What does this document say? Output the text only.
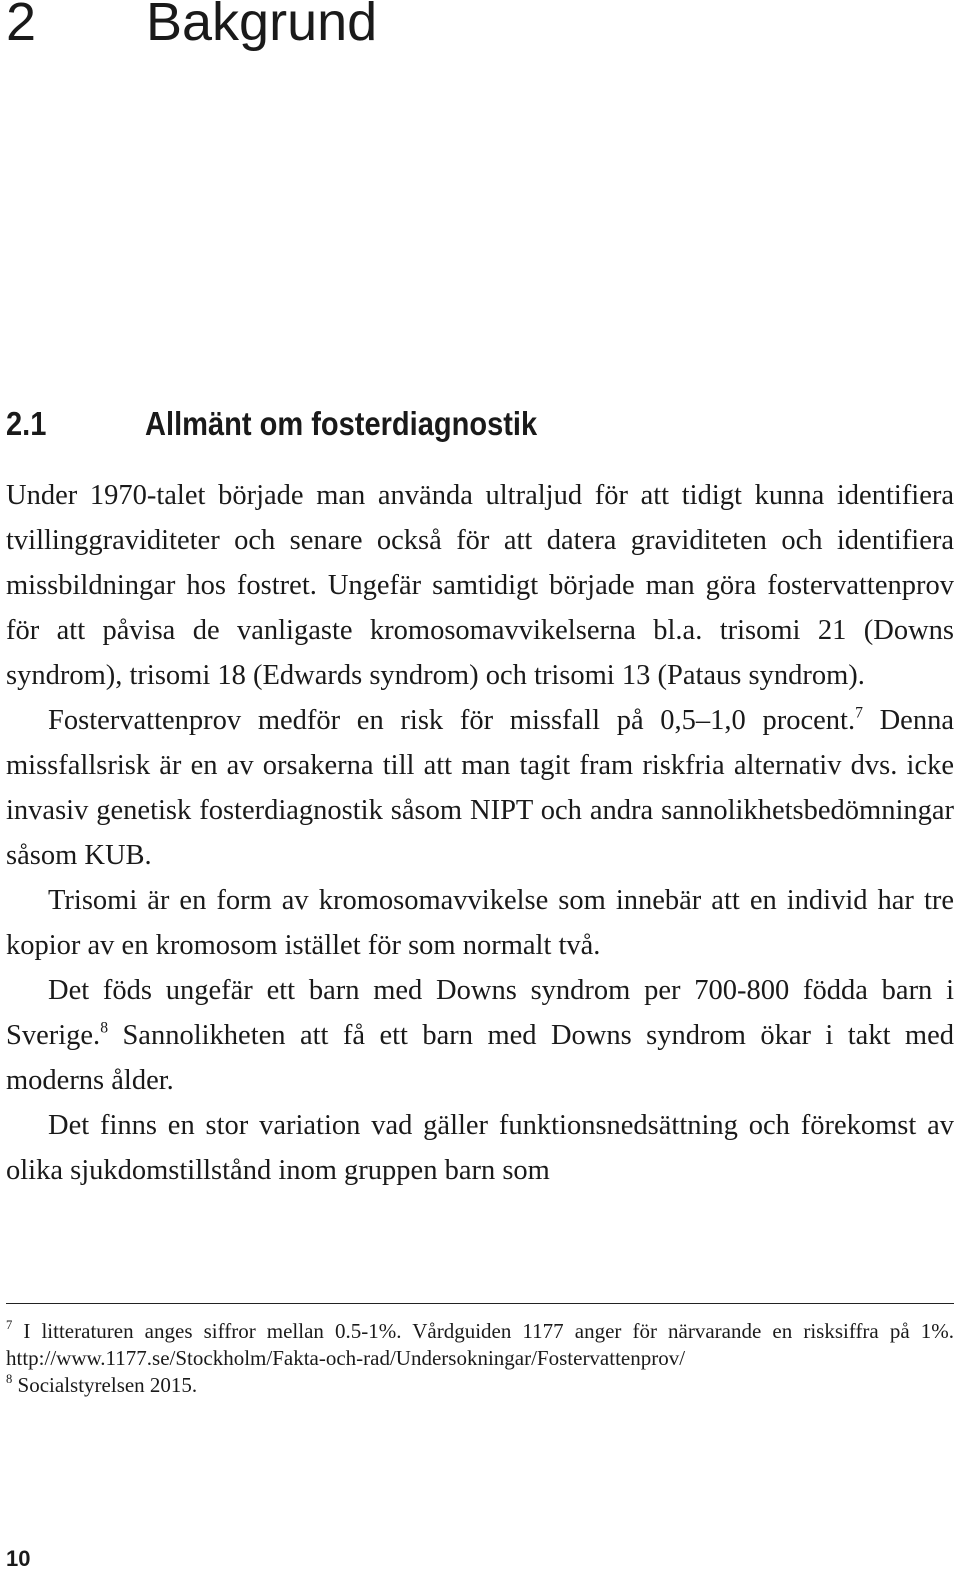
2 Bakgrund
2.1	Allmänt om fosterdiagnostik

Under 1970-talet började man använda ultraljud för att tidigt kunna identifiera tvillinggraviditeter och senare också för att datera graviditeten och identifiera missbildningar hos fostret. Ungefär samtidigt började man göra fostervattenprov för att påvisa de vanligaste kromosomavvikelserna bl.a. trisomi 21 (Downs syndrom), trisomi 18 (Edwards syndrom) och trisomi 13 (Pataus syndrom).

Fostervattenprov medför en risk för missfall på 0,5–1,0 procent.$^7$ Denna missfallsrisk är en av orsakerna till att man tagit fram riskfria alternativ dvs. icke invasiv genetisk fosterdiagnostik såsom NIPT och andra sannolikhetsbedömningar såsom KUB.

Trisomi är en form av kromosomavvikelse som innebär att en individ har tre kopior av en kromosom istället för som normalt två.

Det föds ungefär ett barn med Downs syndrom per 700-800 födda barn i Sverige.$^8$ Sannolikheten att få ett barn med Downs syndrom ökar i takt med moderns ålder.

Det finns en stor variation vad gäller funktionsnedsättning och förekomst av olika sjukdomstillstånd inom gruppen barn som

$^7$ I litteraturen anges siffror mellan 0.5-1%. Vårdguiden 1177 anger för närvarande en risksiffra på 1%. http://www.1177.se/Stockholm/Fakta-och-rad/Undersokningar/Fostervattenprov/

$^8$ Socialstyrelsen 2015.

10
